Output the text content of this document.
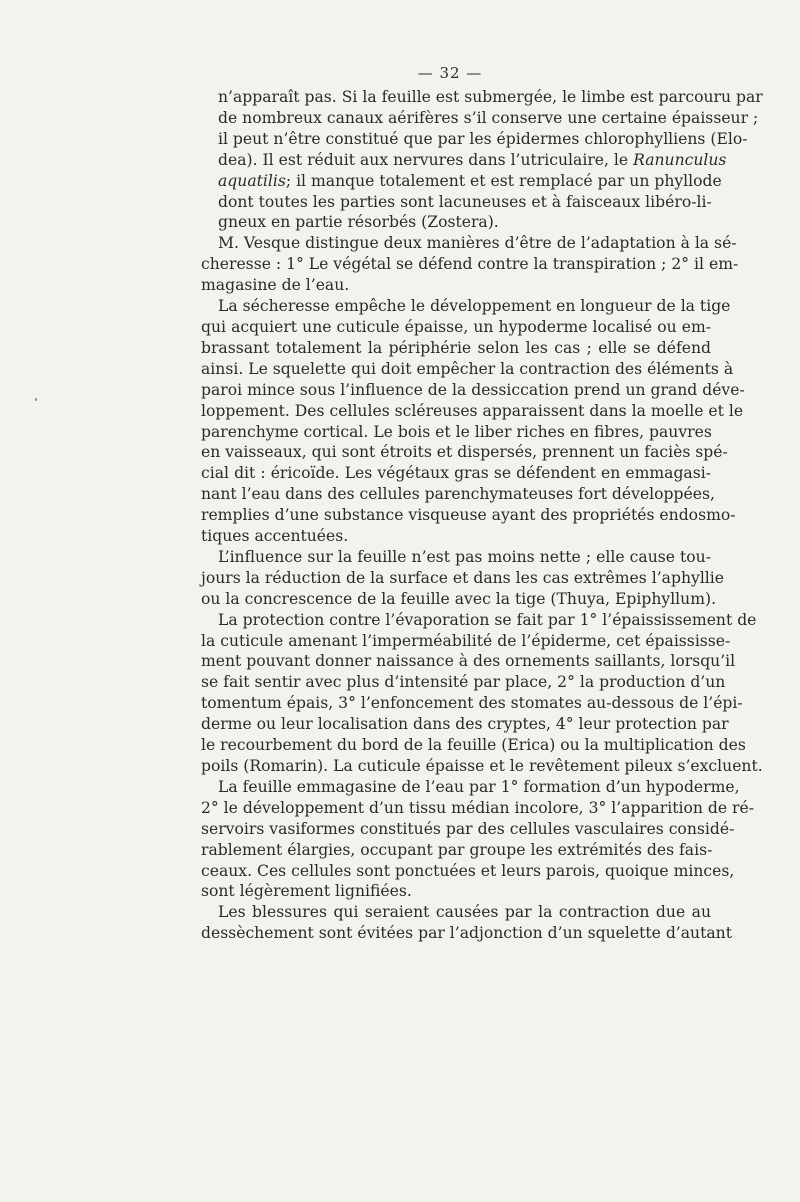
— 32 —
n’apparaît pas. Si la feuille est submergée, le limbe est parcouru par
de nombreux canaux aérifères s’il conserve une certaine épaisseur ;
il peut n’être constitué que par les épidermes chlorophylliens (Elo-
dea). Il est réduit aux nervures dans l’utriculaire, le Ranunculus
aquatilis; il manque totalement et est remplacé par un phyllode
dont toutes les parties sont lacuneuses et à faisceaux libéro-li-
gneux en partie résorbés (Zostera).
M. Vesque distingue deux manières d’être de l’adaptation à la sé-
cheresse : 1° Le végétal se défend contre la transpiration ; 2° il em-
magasine de l’eau.
La sécheresse empêche le développement en longueur de la tige
qui acquiert une cuticule épaisse, un hypoderme localisé ou em-
brassant totalement la périphérie selon les cas ; elle se défend
ainsi. Le squelette qui doit empêcher la contraction des éléments à
paroi mince sous l’influence de la dessiccation prend un grand déve-
loppement. Des cellules scléreuses apparaissent dans la moelle et le
parenchyme cortical. Le bois et le liber riches en fibres, pauvres
en vaisseaux, qui sont étroits et dispersés, prennent un faciès spé-
cial dit : éricoïde. Les végétaux gras se défendent en emmagasi-
nant l’eau dans des cellules parenchymateuses fort développées,
remplies d’une substance visqueuse ayant des propriétés endosmo-
tiques accentuées.
L’influence sur la feuille n’est pas moins nette ; elle cause tou-
jours la réduction de la surface et dans les cas extrêmes l’aphyllie
ou la concrescence de la feuille avec la tige (Thuya, Epiphyllum).
La protection contre l’évaporation se fait par 1° l’épaississement de
la cuticule amenant l’imperméabilité de l’épiderme, cet épaississe-
ment pouvant donner naissance à des ornements saillants, lorsqu’il
se fait sentir avec plus d’intensité par place, 2° la production d’un
tomentum épais, 3° l’enfoncement des stomates au-dessous de l’épi-
derme ou leur localisation dans des cryptes, 4° leur protection par
le recourbement du bord de la feuille (Erica) ou la multiplication des
poils (Romarin). La cuticule épaisse et le revêtement pileux s’excluent.
La feuille emmagasine de l’eau par 1° formation d’un hypoderme,
2° le développement d’un tissu médian incolore, 3° l’apparition de ré-
servoirs vasiformes constitués par des cellules vasculaires considé-
rablement élargies, occupant par groupe les extrémités des fais-
ceaux. Ces cellules sont ponctuées et leurs parois, quoique minces,
sont légèrement lignifiées.
Les blessures qui seraient causées par la contraction due au
dessèchement sont évitées par l’adjonction d’un squelette d’autant
